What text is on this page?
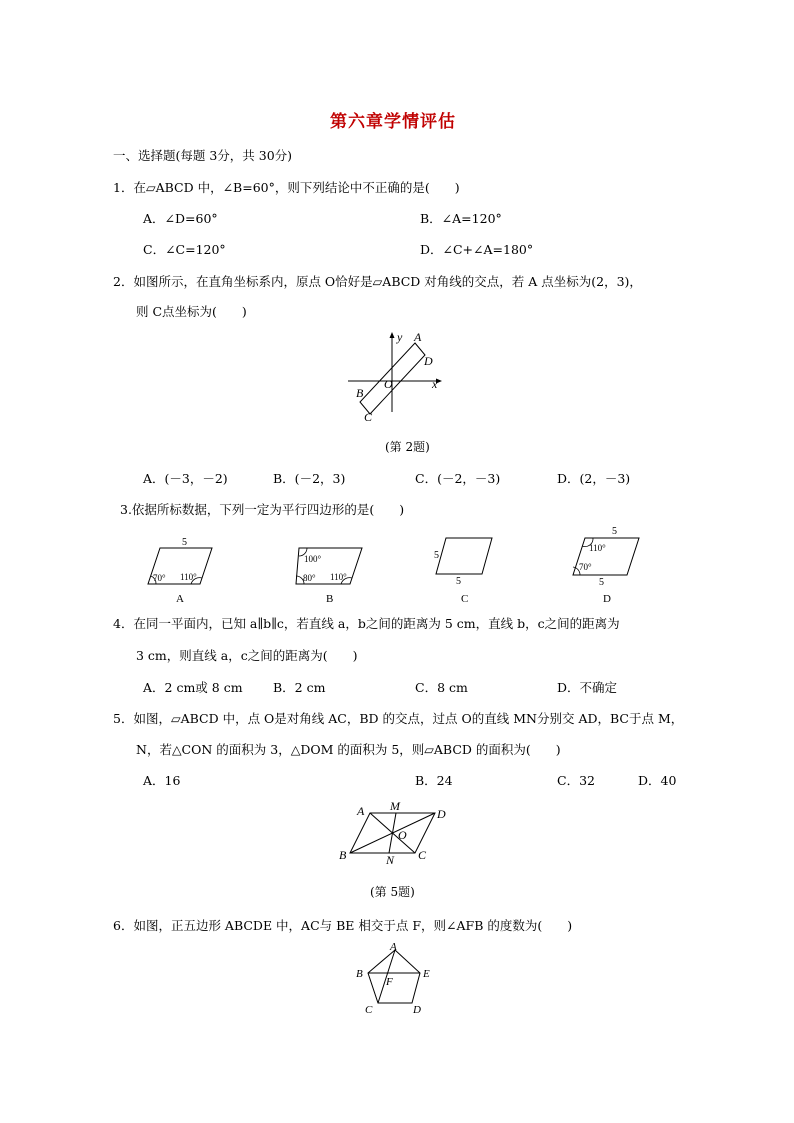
第六章学情评估
一、选择题(每题 3分，共 30分)
1．在▱ABCD 中，∠B=60°，则下列结论中不正确的是(　　)
A．∠D=60°	B．∠A=120°
C．∠C=120°	D．∠C+∠A=180°
2．如图所示，在直角坐标系内，原点 O恰好是▱ABCD 对角线的交点，若 A 点坐标为(2，3)，
则 C点坐标为(　　)
y A
D
x
O
B
C
(第 2题)
A．(－3，－2)	B．(－2，3)	C．(－2，－3)	D．(2，－3)
3.依据所标数据，下列一定为平行四边形的是(　　)
5
70° 110°
A
100°
80° 110°
B
5
5
C
5
110°
70°
5
D
4．在同一平面内，已知 a∥b∥c，若直线 a，b之间的距离为 5 cm，直线 b，c之间的距离为
3 cm，则直线 a，c之间的距离为(　　)
A．2 cm或 8 cm B．2 cm	C．8 cm	D．不确定
5．如图，▱ABCD 中，点 O是对角线 AC，BD 的交点，过点 O的直线 MN分别交 AD，BC于点 M，
N，若△CON 的面积为 3，△DOM 的面积为 5，则▱ABCD 的面积为(　　)
A．16	B．24	C．32	D．40
A M
D
O
B	N C
(第 5题)
6．如图，正五边形 ABCDE 中，AC与 BE 相交于点 F，则∠AFB 的度数为(　　)
A
B	E
F
C	D
